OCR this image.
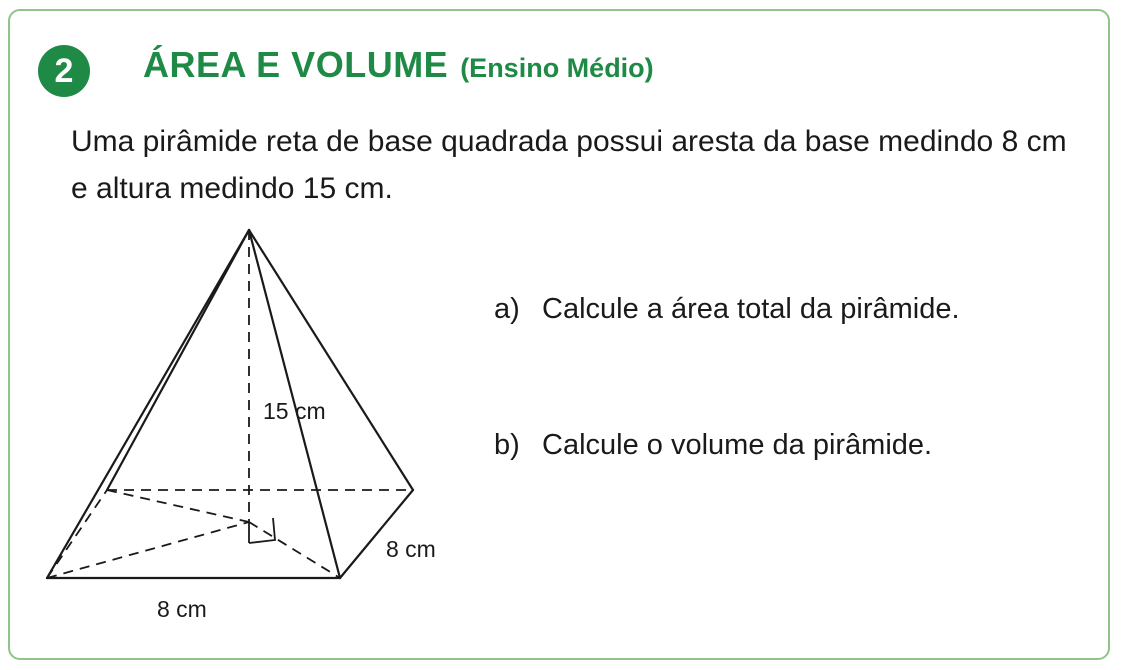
2	ÁREA E VOLUME (Ensino Médio)
Uma pirâmide reta de base quadrada possui aresta da base medindo 8 cm e altura medindo 15 cm.
15 cm
8 cm
8 cm
a) Calcule a área total da pirâmide.
b) Calcule o volume da pirâmide.
